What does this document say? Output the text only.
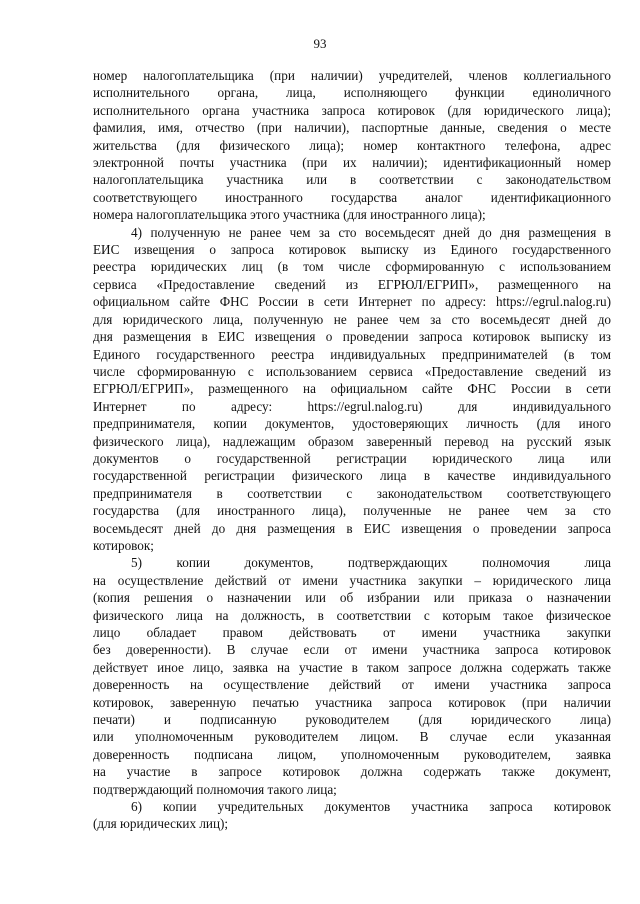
93
номер налогоплательщика (при наличии) учредителей, членов коллегиального
исполнительного органа, лица, исполняющего функции единоличного
исполнительного органа участника запроса котировок (для юридического лица);
фамилия, имя, отчество (при наличии), паспортные данные, сведения о месте
жительства (для физического лица); номер контактного телефона, адрес
электронной почты участника (при их наличии); идентификационный номер
налогоплательщика участника или в соответствии с законодательством
соответствующего иностранного государства аналог идентификационного
номера налогоплательщика этого участника (для иностранного лица);
4) полученную не ранее чем за сто восемьдесят дней до дня размещения в
ЕИС извещения о запроса котировок выписку из Единого государственного
реестра юридических лиц (в том числе сформированную с использованием
сервиса «Предоставление сведений из ЕГРЮЛ/ЕГРИП», размещенного на
официальном сайте ФНС России в сети Интернет по адресу: https://egrul.nalog.ru)
для юридического лица, полученную не ранее чем за сто восемьдесят дней до
дня размещения в ЕИС извещения о проведении запроса котировок выписку из
Единого государственного реестра индивидуальных предпринимателей (в том
числе сформированную с использованием сервиса «Предоставление сведений из
ЕГРЮЛ/ЕГРИП», размещенного на официальном сайте ФНС России в сети
Интернет по адресу: https://egrul.nalog.ru) для индивидуального
предпринимателя, копии документов, удостоверяющих личность (для иного
физического лица), надлежащим образом заверенный перевод на русский язык
документов о государственной регистрации юридического лица или
государственной регистрации физического лица в качестве индивидуального
предпринимателя в соответствии с законодательством соответствующего
государства (для иностранного лица), полученные не ранее чем за сто
восемьдесят дней до дня размещения в ЕИС извещения о проведении запроса
котировок;
5) копии документов, подтверждающих полномочия лица
на осуществление действий от имени участника закупки – юридического лица
(копия решения о назначении или об избрании или приказа о назначении
физического лица на должность, в соответствии с которым такое физическое
лицо обладает правом действовать от имени участника закупки
без доверенности). В случае если от имени участника запроса котировок
действует иное лицо, заявка на участие в таком запросе должна содержать также
доверенность на осуществление действий от имени участника запроса
котировок, заверенную печатью участника запроса котировок (при наличии
печати) и подписанную руководителем (для юридического лица)
или уполномоченным руководителем лицом. В случае если указанная
доверенность подписана лицом, уполномоченным руководителем, заявка
на участие в запросе котировок должна содержать также документ,
подтверждающий полномочия такого лица;
6) копии учредительных документов участника запроса котировок
(для юридических лиц);
